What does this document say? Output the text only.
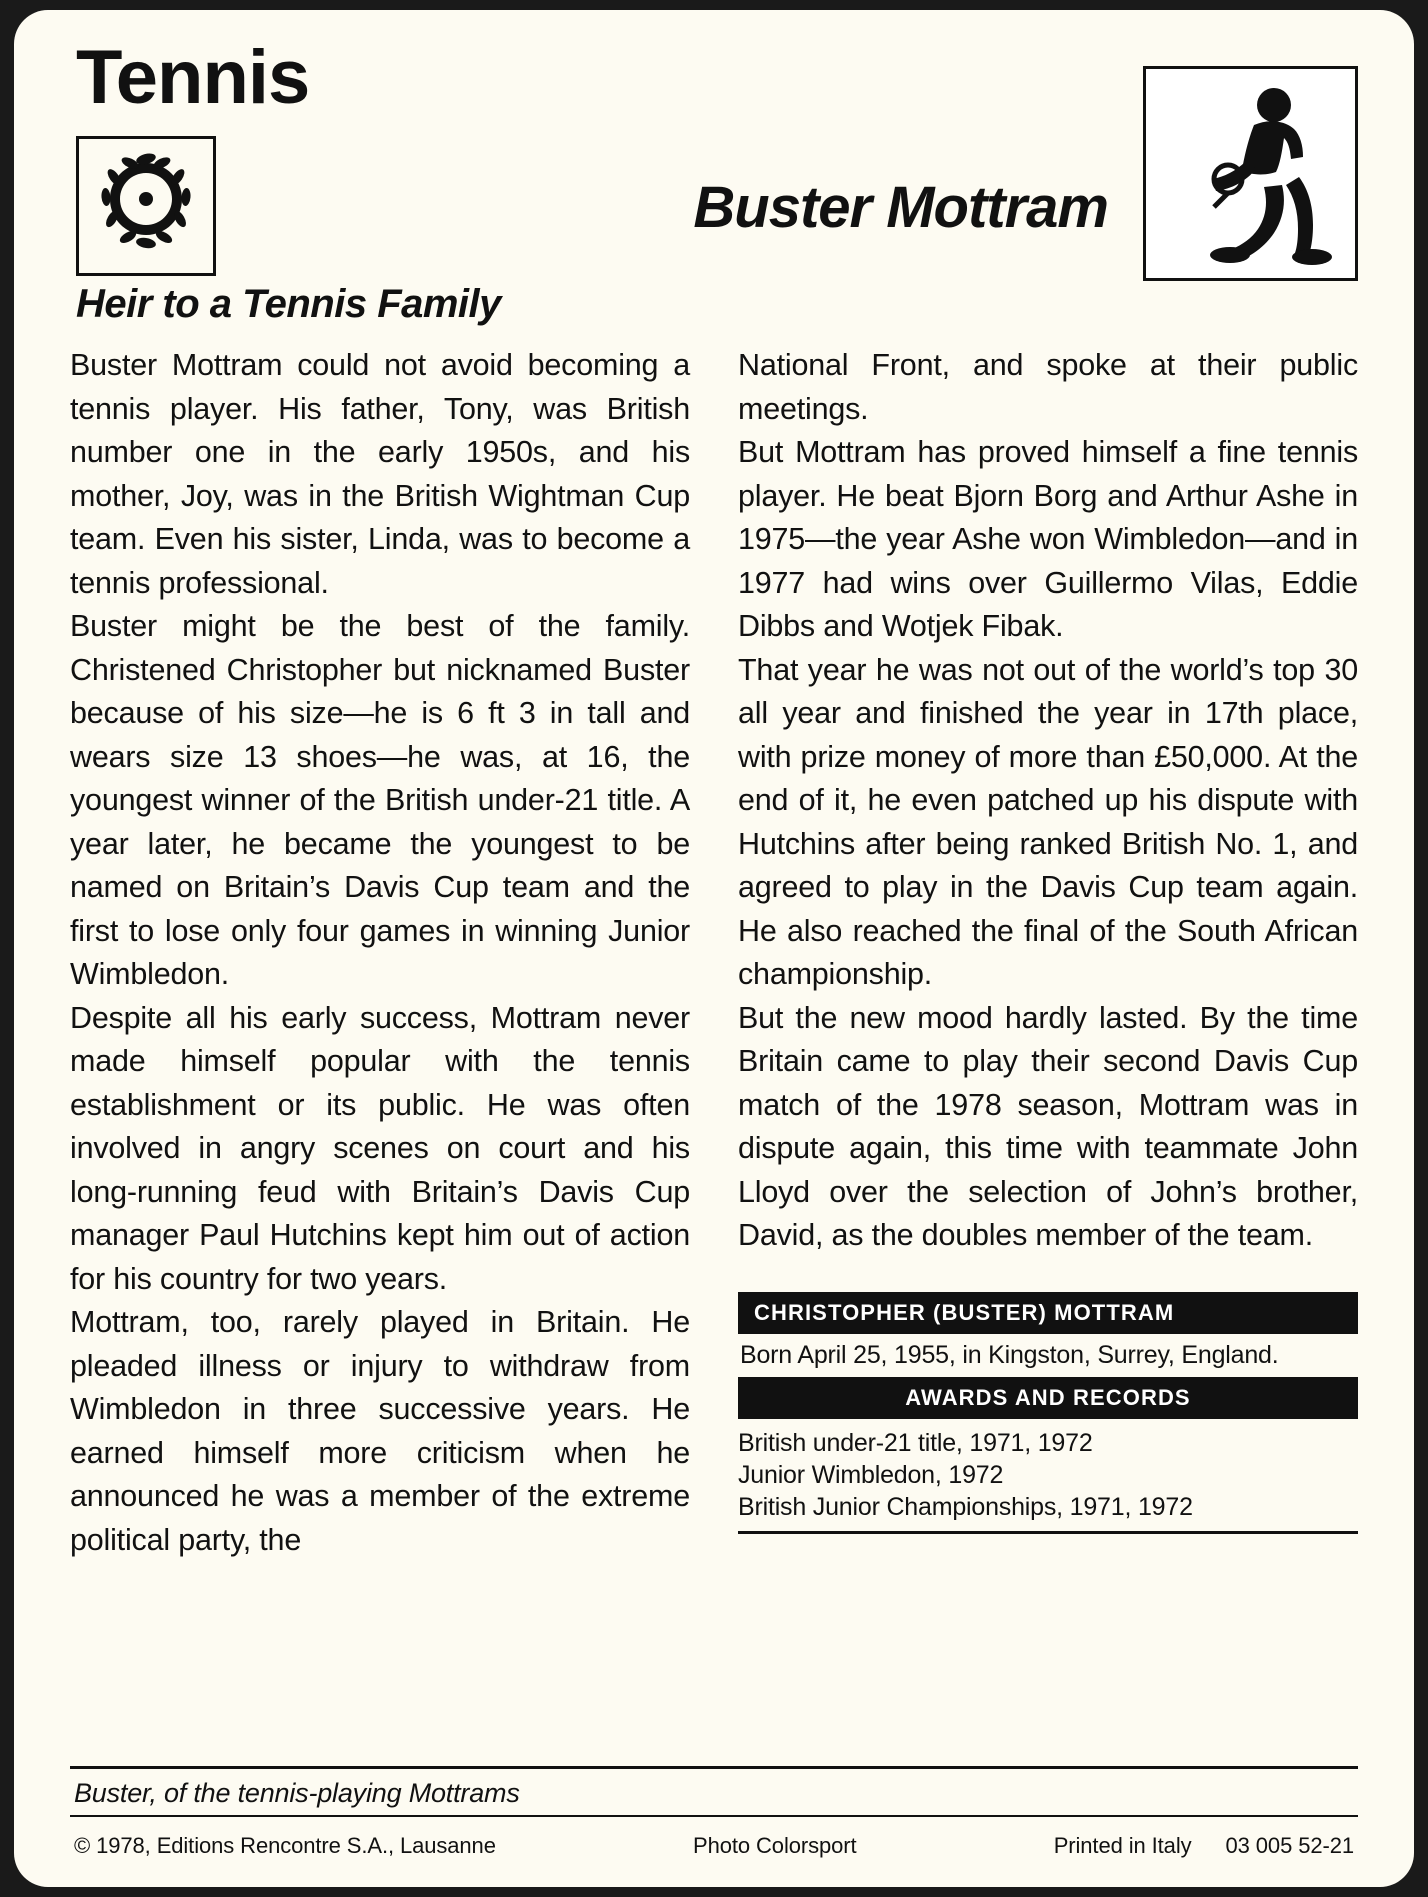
Tennis
Buster Mottram
Heir to a Tennis Family

Buster Mottram could not avoid becoming a tennis player. His father, Tony, was British number one in the early 1950s, and his mother, Joy, was in the British Wightman Cup team. Even his sister, Linda, was to become a tennis professional.

Buster might be the best of the family. Christened Christopher but nicknamed Buster because of his size—he is 6 ft 3 in tall and wears size 13 shoes—he was, at 16, the youngest winner of the British under-21 title. A year later, he became the youngest to be named on Britain’s Davis Cup team and the first to lose only four games in winning Junior Wimbledon.

Despite all his early success, Mottram never made himself popular with the tennis establishment or its public. He was often involved in angry scenes on court and his long-running feud with Britain’s Davis Cup manager Paul Hutchins kept him out of action for his country for two years.

Mottram, too, rarely played in Britain. He pleaded illness or injury to withdraw from Wimbledon in three successive years. He earned himself more criticism when he announced he was a member of the extreme political party, the

National Front, and spoke at their public meetings.

But Mottram has proved himself a fine tennis player. He beat Bjorn Borg and Arthur Ashe in 1975—the year Ashe won Wimbledon—and in 1977 had wins over Guillermo Vilas, Eddie Dibbs and Wotjek Fibak.

That year he was not out of the world’s top 30 all year and finished the year in 17th place, with prize money of more than £50,000. At the end of it, he even patched up his dispute with Hutchins after being ranked British No. 1, and agreed to play in the Davis Cup team again. He also reached the final of the South African championship.

But the new mood hardly lasted. By the time Britain came to play their second Davis Cup match of the 1978 season, Mottram was in dispute again, this time with teammate John Lloyd over the selection of John’s brother, David, as the doubles member of the team.

CHRISTOPHER (BUSTER) MOTTRAM
Born April 25, 1955, in Kingston, Surrey, England.
AWARDS AND RECORDS
British under-21 title, 1971, 1972
Junior Wimbledon, 1972
British Junior Championships, 1971, 1972
Buster, of the tennis-playing Mottrams
© 1978, Editions Rencontre S.A., Lausanne	Photo Colorsport	Printed in Italy 03 005 52-21
